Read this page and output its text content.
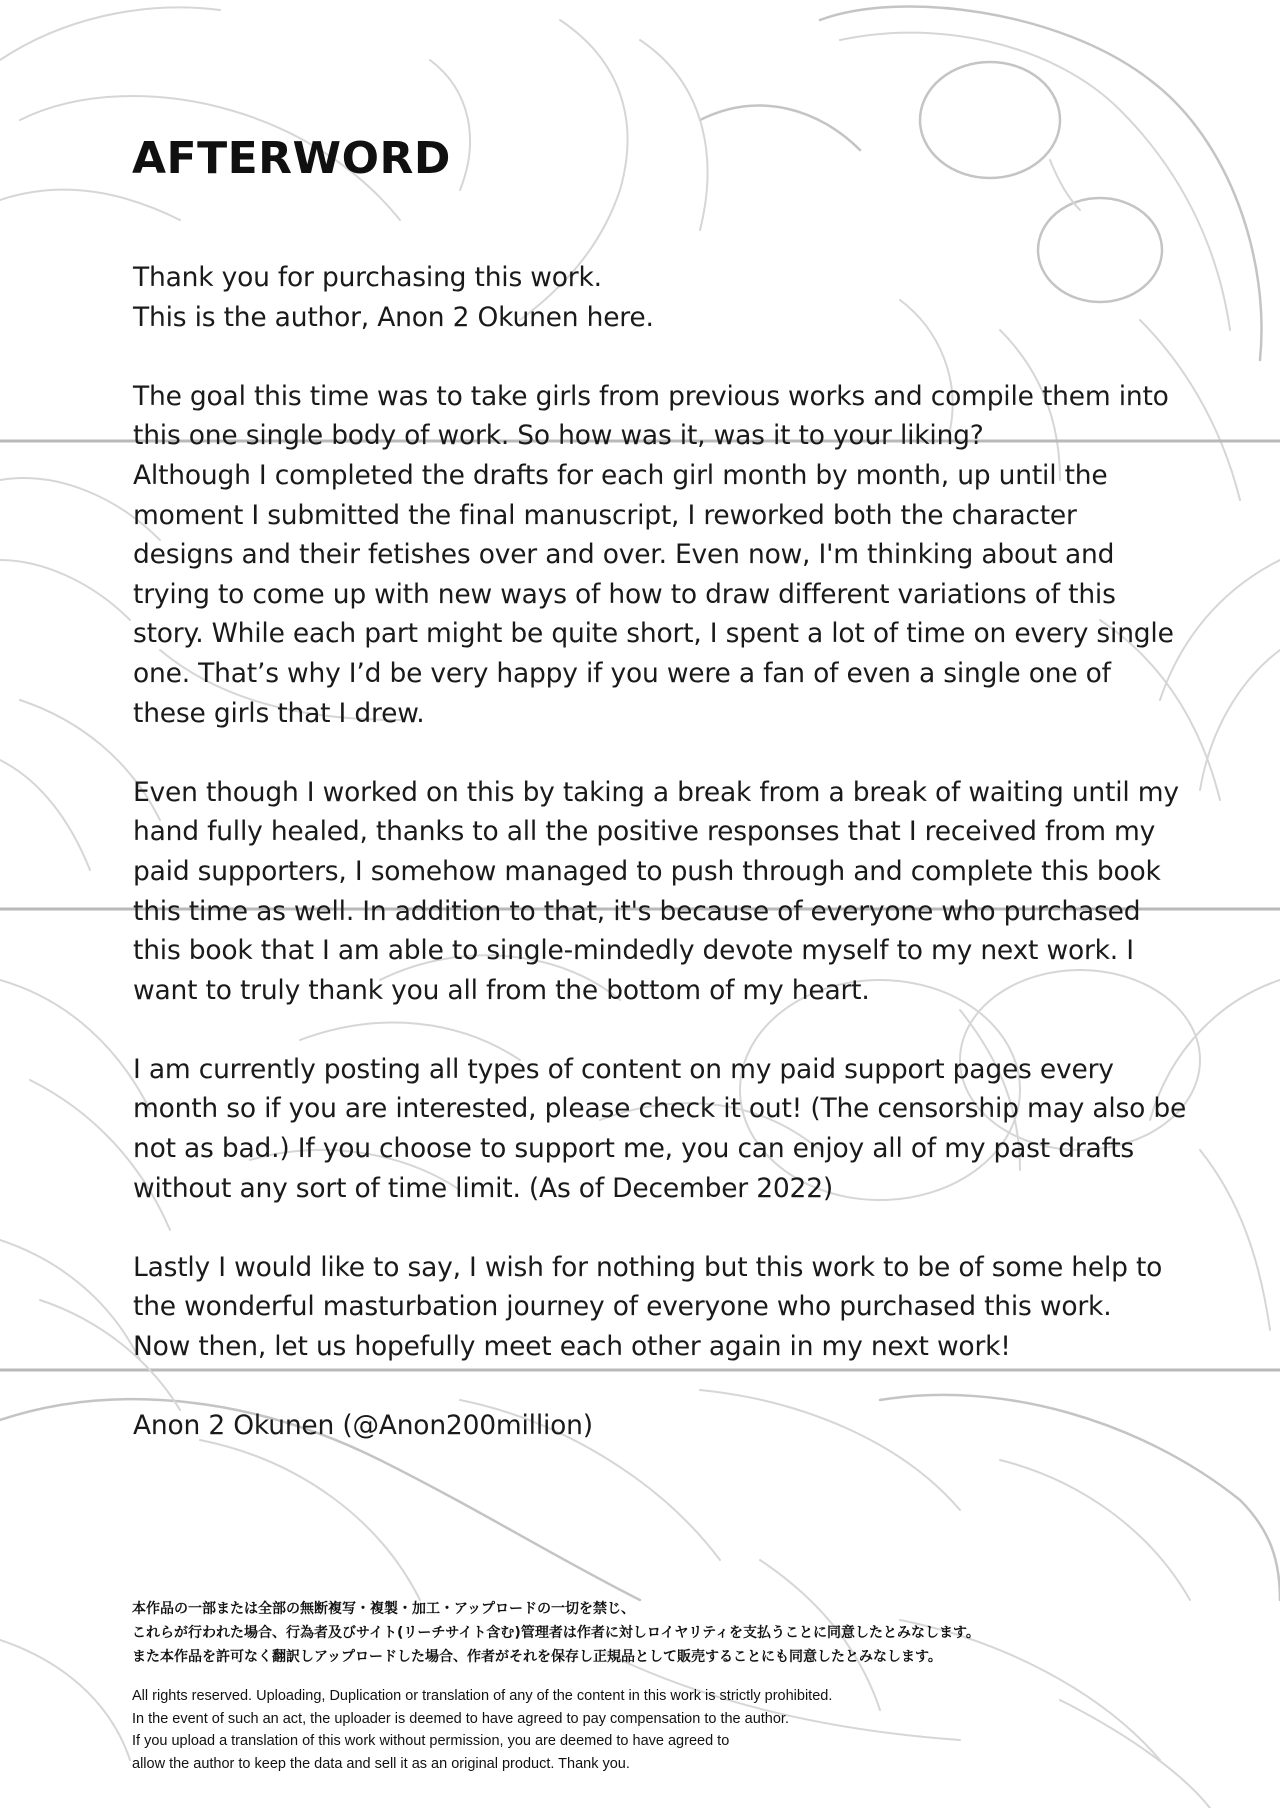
AFTERWORD

Thank you for purchasing this work.
This is the author, Anon 2 Okunen here.

The goal this time was to take girls from previous works and compile them into
this one single body of work. So how was it, was it to your liking?
Although I completed the drafts for each girl month by month, up until the
moment I submitted the final manuscript, I reworked both the character
designs and their fetishes over and over. Even now, I'm thinking about and
trying to come up with new ways of how to draw different variations of this
story. While each part might be quite short, I spent a lot of time on every single
one. That’s why I’d be very happy if you were a fan of even a single one of
these girls that I drew.

Even though I worked on this by taking a break from a break of waiting until my
hand fully healed, thanks to all the positive responses that I received from my
paid supporters, I somehow managed to push through and complete this book
this time as well. In addition to that, it's because of everyone who purchased
this book that I am able to single-mindedly devote myself to my next work. I
want to truly thank you all from the bottom of my heart.

I am currently posting all types of content on my paid support pages every
month so if you are interested, please check it out! (The censorship may also be
not as bad.) If you choose to support me, you can enjoy all of my past drafts
without any sort of time limit. (As of December 2022)

Lastly I would like to say, I wish for nothing but this work to be of some help to
the wonderful masturbation journey of everyone who purchased this work.
Now then, let us hopefully meet each other again in my next work!

Anon 2 Okunen (@Anon200million)

本作品の一部または全部の無断複写・複製・加工・アップロードの一切を禁じ、
これらが行われた場合、行為者及びサイト(リーチサイト含む)管理者は作者に対しロイヤリティを支払うことに同意したとみなします。
また本作品を許可なく翻訳しアップロードした場合、作者がそれを保存し正規品として販売することにも同意したとみなします。
All rights reserved. Uploading, Duplication or translation of any of the content in this work is strictly prohibited.
In the event of such an act, the uploader is deemed to have agreed to pay compensation to the author.
If you upload a translation of this work without permission, you are deemed to have agreed to
allow the author to keep the data and sell it as an original product. Thank you.
